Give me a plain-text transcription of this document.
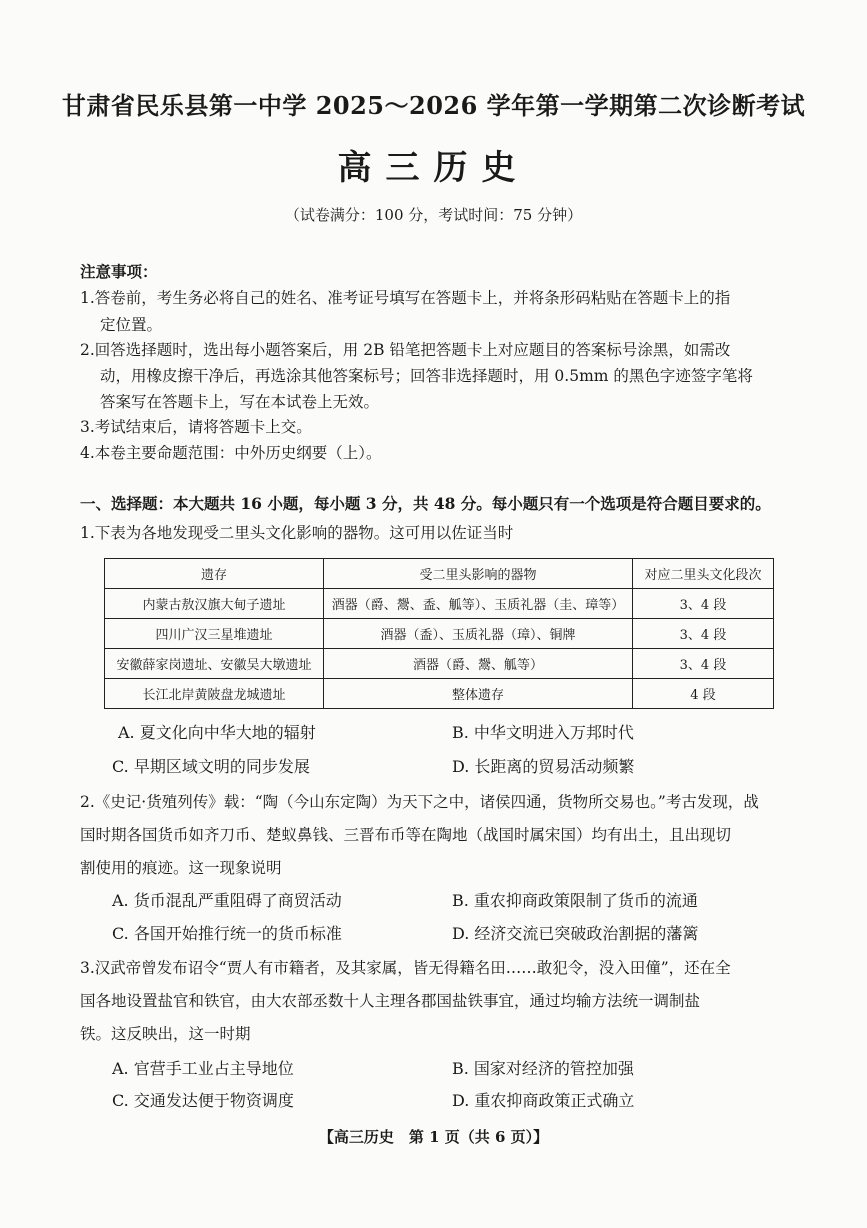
甘肃省民乐县第一中学 2025～2026 学年第一学期第二次诊断考试
高三历史
（试卷满分：100 分，考试时间：75 分钟）
注意事项：
1.答卷前，考生务必将自己的姓名、准考证号填写在答题卡上，并将条形码粘贴在答题卡上的指
定位置。
2.回答选择题时，选出每小题答案后，用 2B 铅笔把答题卡上对应题目的答案标号涂黑，如需改
动，用橡皮擦干净后，再选涂其他答案标号；回答非选择题时，用 0.5mm 的黑色字迹签字笔将
答案写在答题卡上，写在本试卷上无效。
3.考试结束后，请将答题卡上交。
4.本卷主要命题范围：中外历史纲要（上）。
一、选择题：本大题共 16 小题，每小题 3 分，共 48 分。每小题只有一个选项是符合题目要求的。
1.下表为各地发现受二里头文化影响的器物。这可用以佐证当时
遗存	受二里头影响的器物	对应二里头文化段次
内蒙古敖汉旗大甸子遗址	酒器（爵、鬶、盉、觚等）、玉质礼器（圭、璋等）	3、4 段
四川广汉三星堆遗址	酒器（盉）、玉质礼器（璋）、铜牌	3、4 段
安徽薛家岗遗址、安徽吴大墩遗址	酒器（爵、鬶、觚等）	3、4 段
长江北岸黄陂盘龙城遗址	整体遗存	4 段
A. 夏文化向中华大地的辐射	B. 中华文明进入万邦时代
C. 早期区域文明的同步发展	D. 长距离的贸易活动频繁
2.《史记·货殖列传》载：“陶（今山东定陶）为天下之中，诸侯四通，货物所交易也。”考古发现，战
国时期各国货币如齐刀币、楚蚁鼻钱、三晋布币等在陶地（战国时属宋国）均有出土，且出现切
割使用的痕迹。这一现象说明
A. 货币混乱严重阻碍了商贸活动	B. 重农抑商政策限制了货币的流通
C. 各国开始推行统一的货币标准	D. 经济交流已突破政治割据的藩篱
3.汉武帝曾发布诏令“贾人有市籍者，及其家属，皆无得籍名田……敢犯令，没入田僮”，还在全
国各地设置盐官和铁官，由大农部丞数十人主理各郡国盐铁事宜，通过均输方法统一调制盐
铁。这反映出，这一时期
A. 官营手工业占主导地位	B. 国家对经济的管控加强
C. 交通发达便于物资调度	D. 重农抑商政策正式确立
【高三历史　第 1 页（共 6 页）】
